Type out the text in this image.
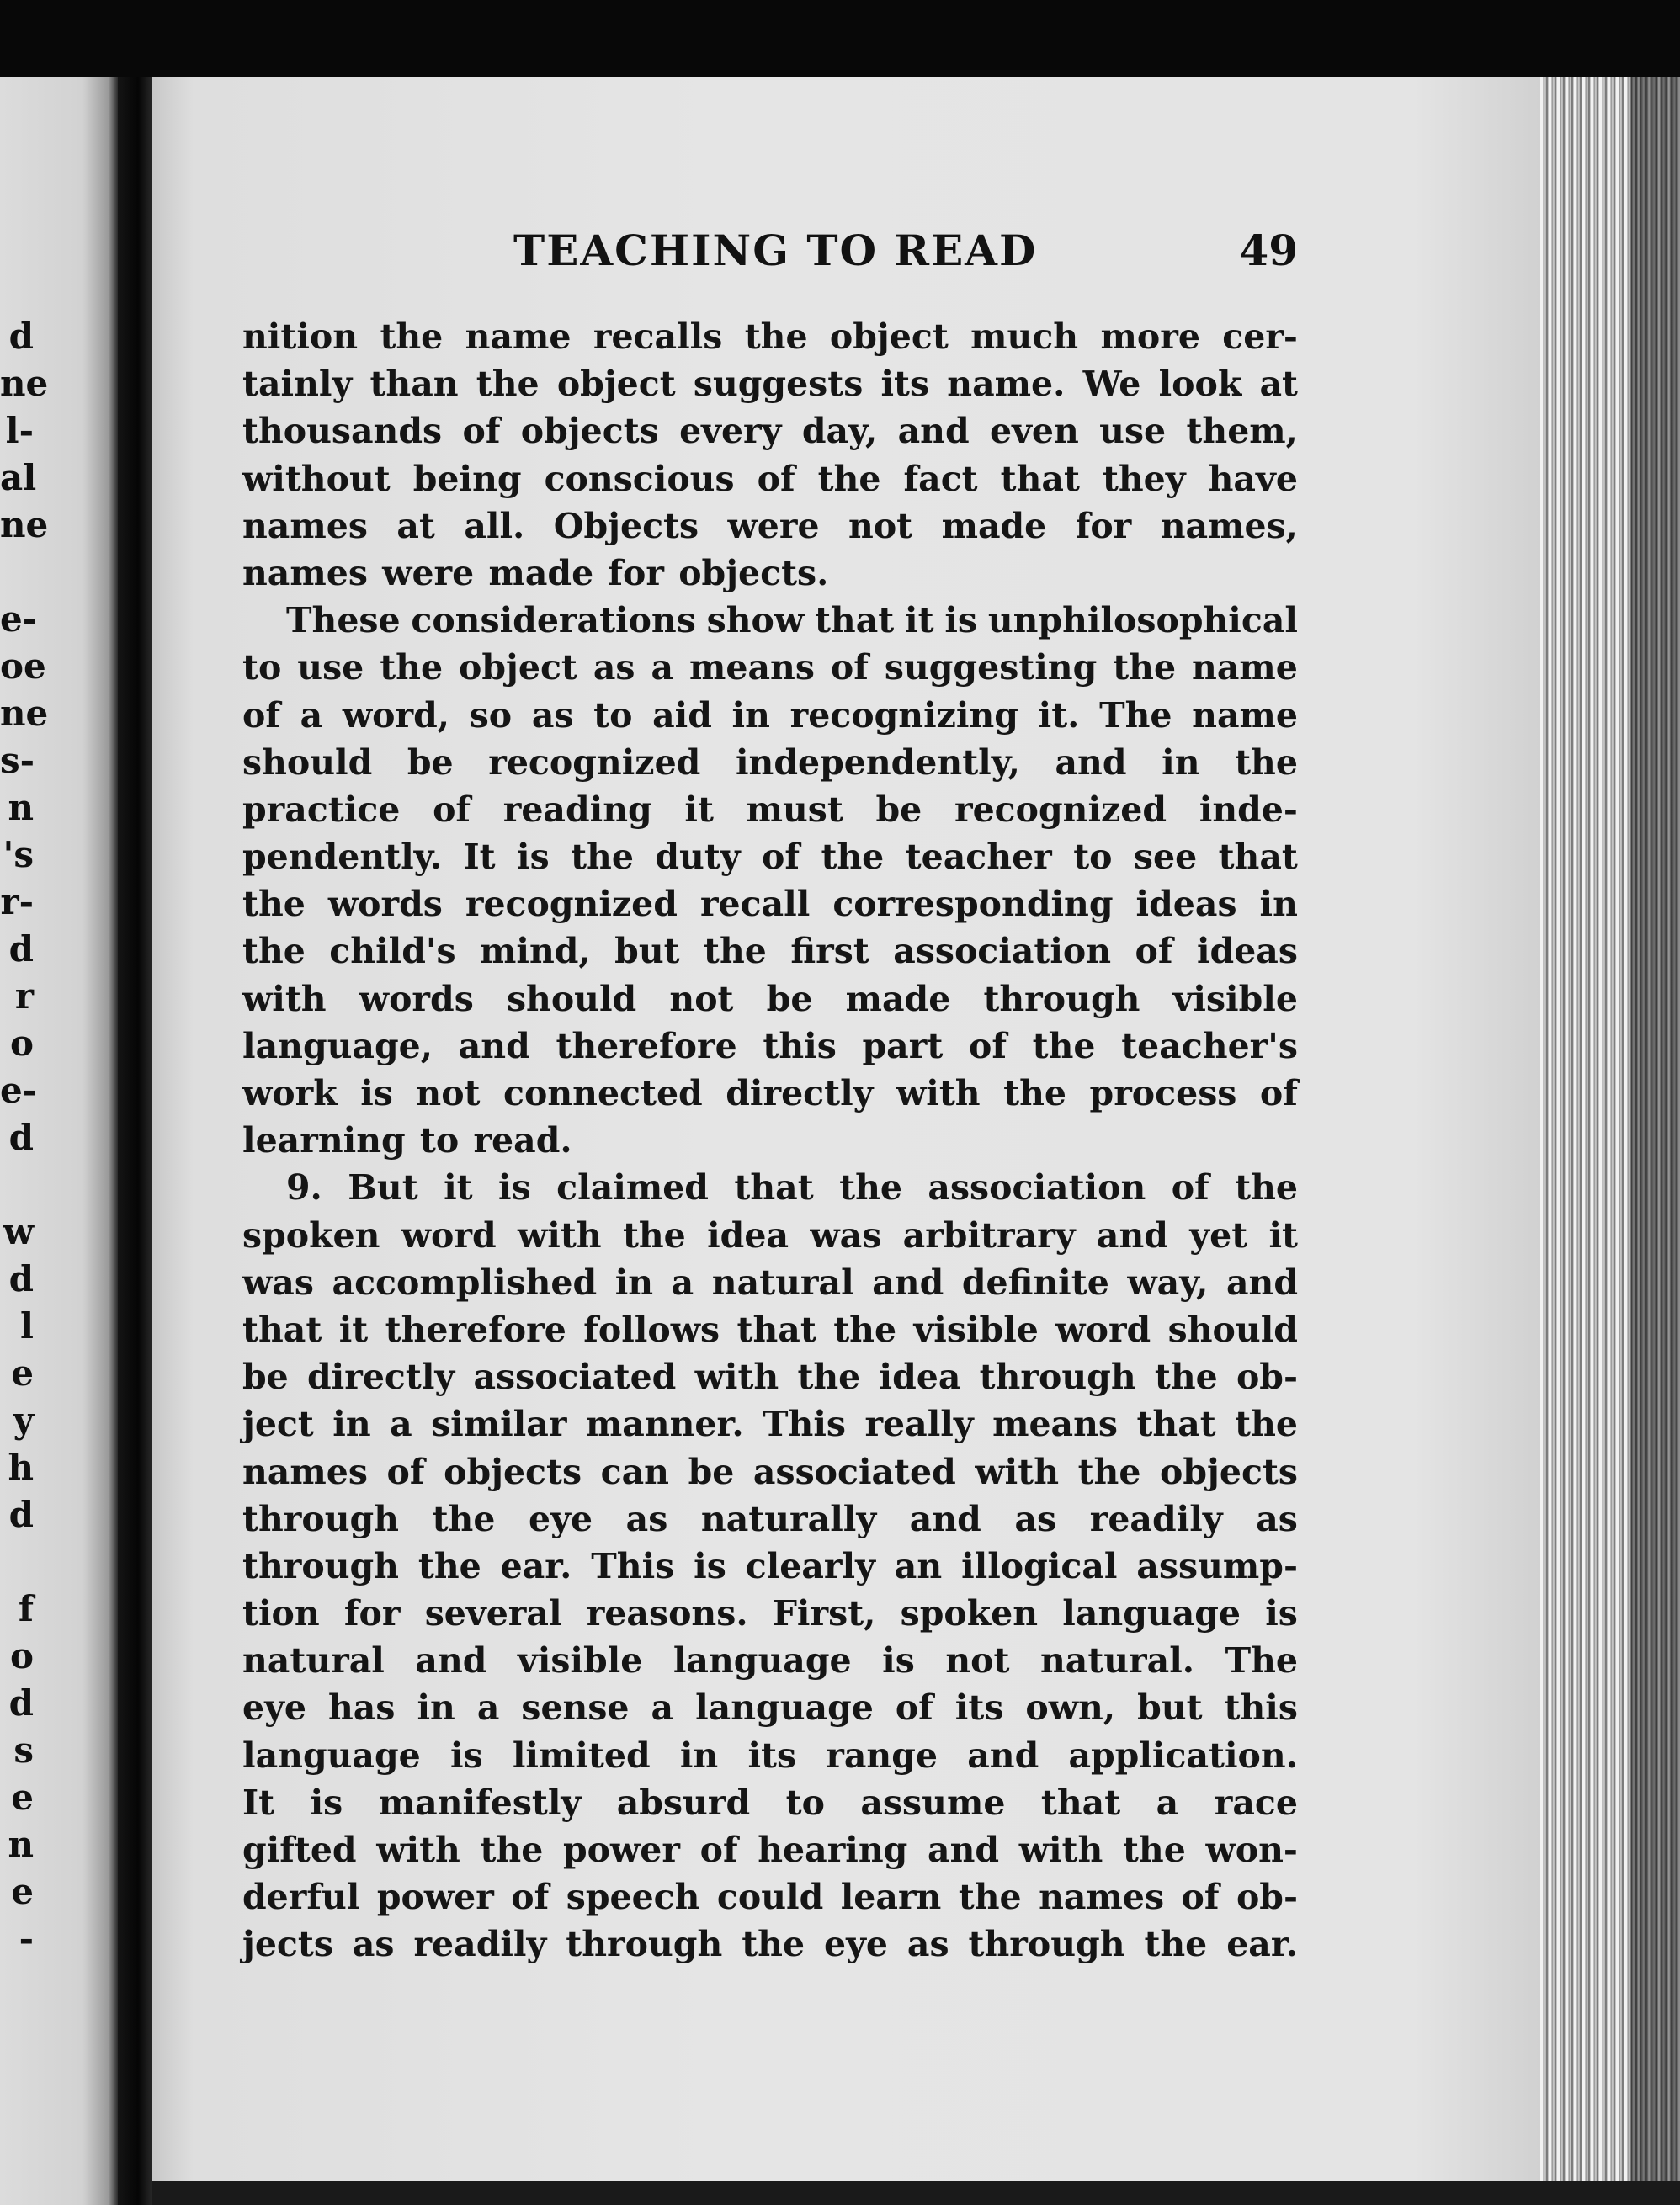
d
ne
l-
al
ne
e-
oe
ne
s-
n
's
r-
d
r
o
e-
d
w
d
l
e
y
h
d
f
o
d
s
e
n
e
-
TEACHING TO READ	49
nition the name recalls the object much more cer-
tainly than the object suggests its name. We look at
thousands of objects every day, and even use them,
without being conscious of the fact that they have
names at all. Objects were not made for names,
names were made for objects.
These considerations show that it is unphilosophical
to use the object as a means of suggesting the name
of a word, so as to aid in recognizing it. The name
should be recognized independently, and in the
practice of reading it must be recognized inde-
pendently. It is the duty of the teacher to see that
the words recognized recall corresponding ideas in
the child's mind, but the first association of ideas
with words should not be made through visible
language, and therefore this part of the teacher's
work is not connected directly with the process of
learning to read.
9. But it is claimed that the association of the
spoken word with the idea was arbitrary and yet it
was accomplished in a natural and definite way, and
that it therefore follows that the visible word should
be directly associated with the idea through the ob-
ject in a similar manner. This really means that the
names of objects can be associated with the objects
through the eye as naturally and as readily as
through the ear. This is clearly an illogical assump-
tion for several reasons. First, spoken language is
natural and visible language is not natural. The
eye has in a sense a language of its own, but this
language is limited in its range and application.
It is manifestly absurd to assume that a race
gifted with the power of hearing and with the won-
derful power of speech could learn the names of ob-
jects as readily through the eye as through the ear.
